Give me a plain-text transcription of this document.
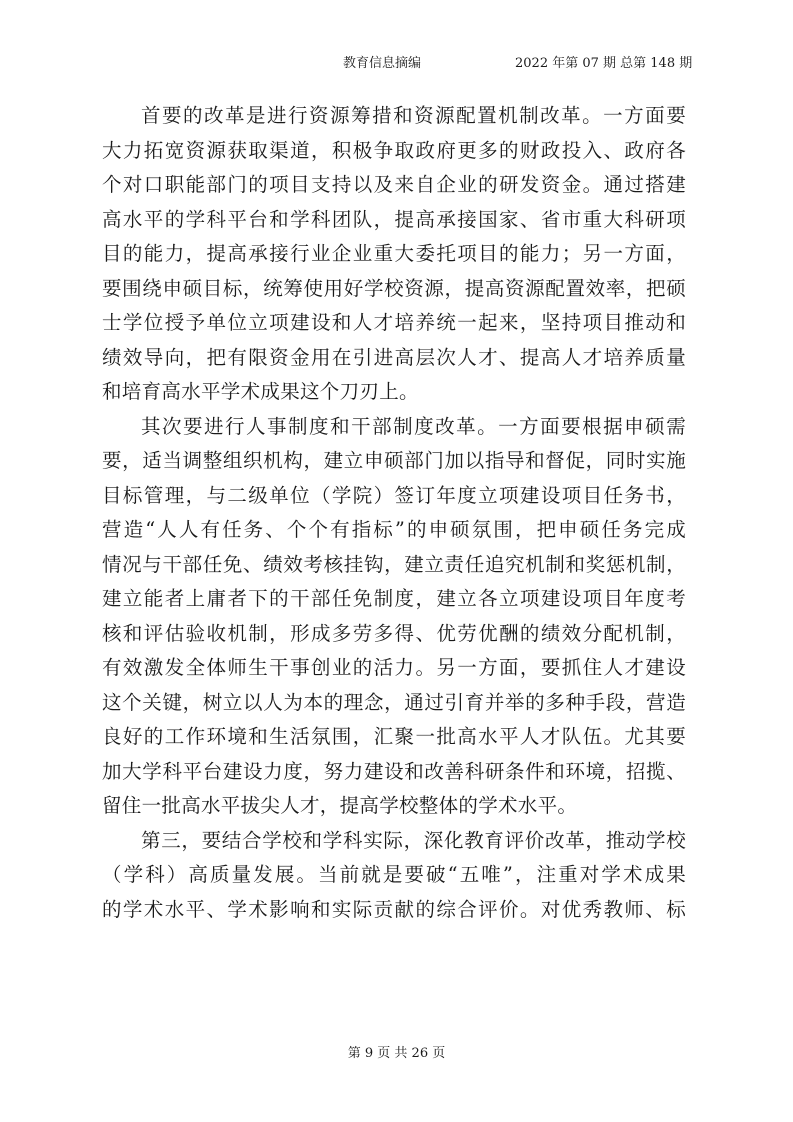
教育信息摘编	2022 年第 07 期 总第 148 期
首要的改革是进行资源筹措和资源配置机制改革。一方面要
大力拓宽资源获取渠道，积极争取政府更多的财政投入、政府各
个对口职能部门的项目支持以及来自企业的研发资金。通过搭建
高水平的学科平台和学科团队，提高承接国家、省市重大科研项
目的能力，提高承接行业企业重大委托项目的能力；另一方面，
要围绕申硕目标，统筹使用好学校资源，提高资源配置效率，把硕
士学位授予单位立项建设和人才培养统一起来，坚持项目推动和
绩效导向，把有限资金用在引进高层次人才、提高人才培养质量
和培育高水平学术成果这个刀刃上。
其次要进行人事制度和干部制度改革。一方面要根据申硕需
要，适当调整组织机构，建立申硕部门加以指导和督促，同时实施
目标管理，与二级单位（学院）签订年度立项建设项目任务书，
营造“人人有任务、个个有指标”的申硕氛围，把申硕任务完成
情况与干部任免、绩效考核挂钩，建立责任追究机制和奖惩机制，
建立能者上庸者下的干部任免制度，建立各立项建设项目年度考
核和评估验收机制，形成多劳多得、优劳优酬的绩效分配机制，
有效激发全体师生干事创业的活力。另一方面，要抓住人才建设
这个关键，树立以人为本的理念，通过引育并举的多种手段，营造
良好的工作环境和生活氛围，汇聚一批高水平人才队伍。尤其要
加大学科平台建设力度，努力建设和改善科研条件和环境，招揽、
留住一批高水平拔尖人才，提高学校整体的学术水平。
第三，要结合学校和学科实际，深化教育评价改革，推动学校
（学科）高质量发展。当前就是要破“五唯”，注重对学术成果
的学术水平、学术影响和实际贡献的综合评价。对优秀教师、标
第 9 页 共 26 页
